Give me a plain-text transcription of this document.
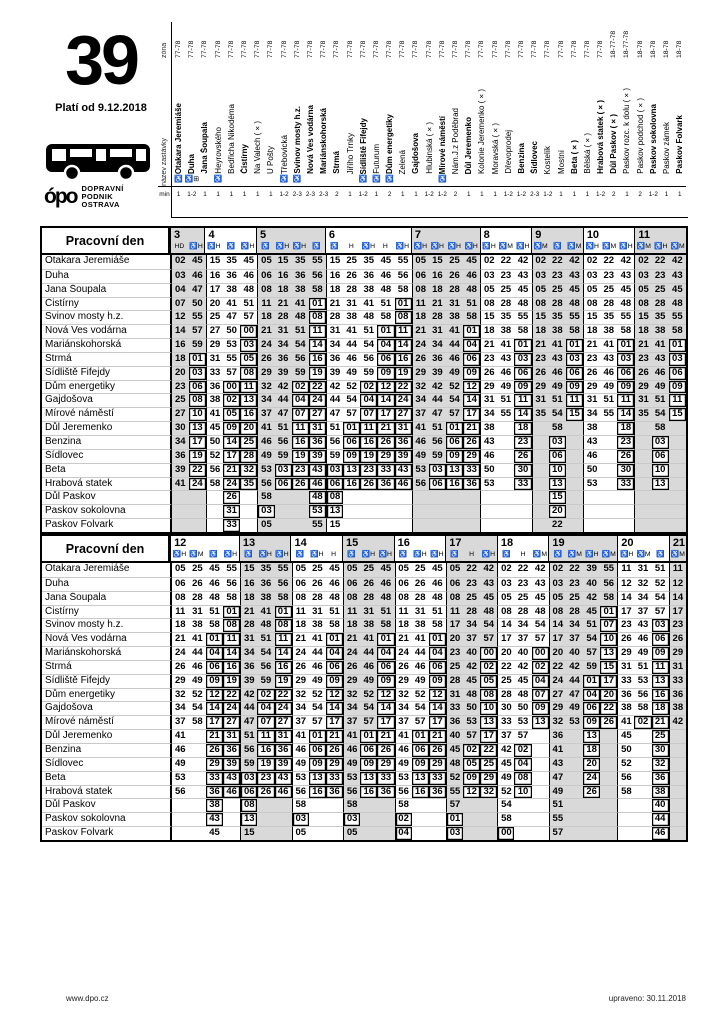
39
Platí od 9.12.2018
ópo DOPRAVNÍ
PODNIK
OSTRAVA
zóna
název zastávky
min
77-78
Otakara Jeremiáše
♿
1
77-78
Duha
♿ ⊞
1-2
77-78
Jana Šoupala
1
77-78
Heyrovského
♿
1
77-78
Bedřicha Nikodéma
1
77-78
Čistírny
1
77-78
Na Valech (×)
1
77-78
U Pošty
1
77-78
Třebovická
♿
1-2
77-78
Svinov mosty h.z.
♿
2-3
77-78
Nová Ves vodárna
2-3
77-78
Mariánskohorská
2-3
77-78
Strmá
2
77-78
Jiřího Trnky
1
77-78
Sídliště Fifejdy
♿
1-2
77-78
Futurum
♿
1
77-78
Dům energetiky
♿
2
77-78
Zelená
1
77-78
Gajdošova
1
77-78
Hlubinská (×)
1-2
77-78
Mírové náměstí
♿
1-2
77-78
Nám.J.z Poděbrad
2
77-78
Důl Jeremenko
1
77-78
Kolonie Jeremenko (×)
1
77-78
Moravská (×)
1
77-78
Dřevoprodej
1-2
77-78
Benzina
1-2
77-78
Šídlovec
2-3
77-78
Kostelík
1-2
77-78
Mostní
1
77-78
Beta (×)
1
77-78
Bělská (×)
1
77-78
Hrabová statek (×)
1-2
18-77-78
Důl Paskov (×)
2
18-77-78
Paskov rozc. k dolu (×)
1
18-78
Paskov podchod (×)
2
18-78
Paskov sokolovna
1-2
18-78
Paskov zámek
1
18-78
Paskov Folvark
1
Pracovní den	3
HD ♿H
4
♿H ♿ ♿H
5
♿ ♿H ♿H ♿
6
♿	H	♿H	H	♿H
7
♿H ♿H ♿H ♿H
8
♿H ♿M ♿H
9
♿M ♿ ♿M
10
♿H ♿M ♿H
11
♿M ♿H ♿M
Otakara Jeremiáše	02 45 15 35 45 05 15 35 55 15 25 35 45 55 05 15 25 45 02 22 42 02 22 42 02 22 42 02 22 42
Duha	03 46 16 36 46 06 16 36 56 16 26 36 46 56 06 16 26 46 03 23 43 03 23 43 03 23 43 03 23 43
Jana Šoupala	04 47 17 38 48 08 18 38 58 18 28 38 48 58 08 18 28 48 05 25 45 05 25 45 05 25 45 05 25 45
Čistírny	07 50 20 41 51 11 21 41 01 21 31 41 51 01 11 21 31 51 08 28 48 08 28 48 08 28 48 08 28 48
Svinov mosty h.z.	12 55 25 47 57 18 28 48 08 28 38 48 58 08 18 28 38 58 15 35 55 15 35 55 15 35 55 15 35 55
Nová Ves vodárna	14 57 27 50 00 21 31 51 11 31 41 51 01 11 21 31 41 01 18 38 58 18 38 58 18 38 58 18 38 58
Mariánskohorská	16 59 29 53 03 24 34 54 14 34 44 54 04 14 24 34 44 04 21 41 01 21 41 01 21 41 01 21 41 01
Strmá	18 01 31 55 05 26 36 56 16 36 46 56 06 16 26 36 46 06 23 43 03 23 43 03 23 43 03 23 43 03
Sídliště Fifejdy	20 03 33 57 08 29 39 59 19 39 49 59 09 19 29 39 49 09 26 46 06 26 46 06 26 46 06 26 46 06
Dům energetiky	23 06 36 00 11 32 42 02 22 42 52 02 12 22 32 42 52 12 29 49 09 29 49 09 29 49 09 29 49 09
Gajdošova	25 08 38 02 13 34 44 04 24 44 54 04 14 24 34 44 54 14 31 51 11 31 51 11 31 51 11 31 51 11
Mírové náměstí	27 10 41 05 16 37 47 07 27 47 57 07 17 27 37 47 57 17 34 55 14 35 54 15 34 55 14 35 54 15
Důl Jeremenko	30 13 45 09 20 41 51 11 31 51 01 11 21 31 41 51 01 21 38	18	58	38	18	58
Benzina	34 17 50 14 25 46 56 16 36 56 06 16 26 36 46 56 06 26 43	23	03	43	23	03
Šídlovec	36 19 52 17 28 49 59 19 39 59 09 19 29 39 49 59 09 29 46	26	06	46	26	06
Beta	39 22 56 21 32 53 03 23 43 03 13 23 33 43 53 03 13 33 50	30	10	50	30	10
Hrabová statek	41 24 58 24 35 56 06 26 46 06 16 26 36 46 56 06 16 36 53	33	13	53	33	13
Důl Paskov	26	58	48 08	15
Paskov sokolovna	31	03	53 13	20
Paskov Folvark	33	05	55 15	22
Pracovní den	12
♿H ♿M ♿ ♿H
13
♿ ♿H ♿H
14
♿ ♿H	H
15
♿ ♿H ♿H
16
♿ ♿H ♿H
17
♿	H	♿H
18
♿	H	♿M
19
♿ ♿M ♿H ♿M
20
♿H ♿M ♿
21
♿M
Otakara Jeremiáše	05 25 45 55 15 35 55 05 25 45 05 25 45 05 25 45 05 22 42 02 22 42 02 22 39 55 11 31 51 11
Duha	06 26 46 56 16 36 56 06 26 46 06 26 46 06 26 46 06 23 43 03 23 43 03 23 40 56 12 32 52 12
Jana Šoupala	08 28 48 58 18 38 58 08 28 48 08 28 48 08 28 48 08 25 45 05 25 45 05 25 42 58 14 34 54 14
Čistírny	11 31 51 01 21 41 01 11 31 51 11 31 51 11 31 51 11 28 48 08 28 48 08 28 45 01 17 37 57 17
Svinov mosty h.z.	18 38 58 08 28 48 08 18 38 58 18 38 58 18 38 58 17 34 54 14 34 54 14 34 51 07 23 43 03 23
Nová Ves vodárna	21 41 01 11 31 51 11 21 41 01 21 41 01 21 41 01 20 37 57 17 37 57 17 37 54 10 26 46 06 26
Mariánskohorská	24 44 04 14 34 54 14 24 44 04 24 44 04 24 44 04 23 40 00 20 40 00 20 40 57 13 29 49 09 29
Strmá	26 46 06 16 36 56 16 26 46 06 26 46 06 26 46 06 25 42 02 22 42 02 22 42 59 15 31 51 11 31
Sídliště Fifejdy	29 49 09 19 39 59 19 29 49 09 29 49 09 29 49 09 28 45 05 25 45 04 24 44 01 17 33 53 13 33
Dům energetiky	32 52 12 22 42 02 22 32 52 12 32 52 12 32 52 12 31 48 08 28 48 07 27 47 04 20 36 56 16 36
Gajdošova	34 54 14 24 44 04 24 34 54 14 34 54 14 34 54 14 33 50 10 30 50 09 29 49 06 22 38 58 18 38
Mírové náměstí	37 58 17 27 47 07 27 37 57 17 37 57 17 37 57 17 36 53 13 33 53 13 32 53 09 26 41 02 21 42
Důl Jeremenko	41	21 31 51 11 31 41 01 21 41 01 21 41 01 21 40 57 17 37 57	36	13	45	25
Benzina	46	26 36 56 16 36 46 06 26 46 06 26 46 06 26 45 02 22 42 02	41	18	50	30
Šídlovec	49	29 39 59 19 39 49 09 29 49 09 29 49 09 29 48 05 25 45 04	43	20	52	32
Beta	53	33 43 03 23 43 53 13 33 53 13 33 53 13 33 52 09 29 49 08	47	24	56	36
Hrabová statek	56	36 46 06 26 46 56 16 36 56 16 36 56 16 36 55 12 32 52 10	49	26	58	38
Důl Paskov	38	08	58	58	58	57	54	51	40
Paskov sokolovna	43	13	03	03	02	01	58	55	44
Paskov Folvark	45	15	05	05	04	03	00	57	46
www.dpo.cz	upraveno: 30.11.2018
